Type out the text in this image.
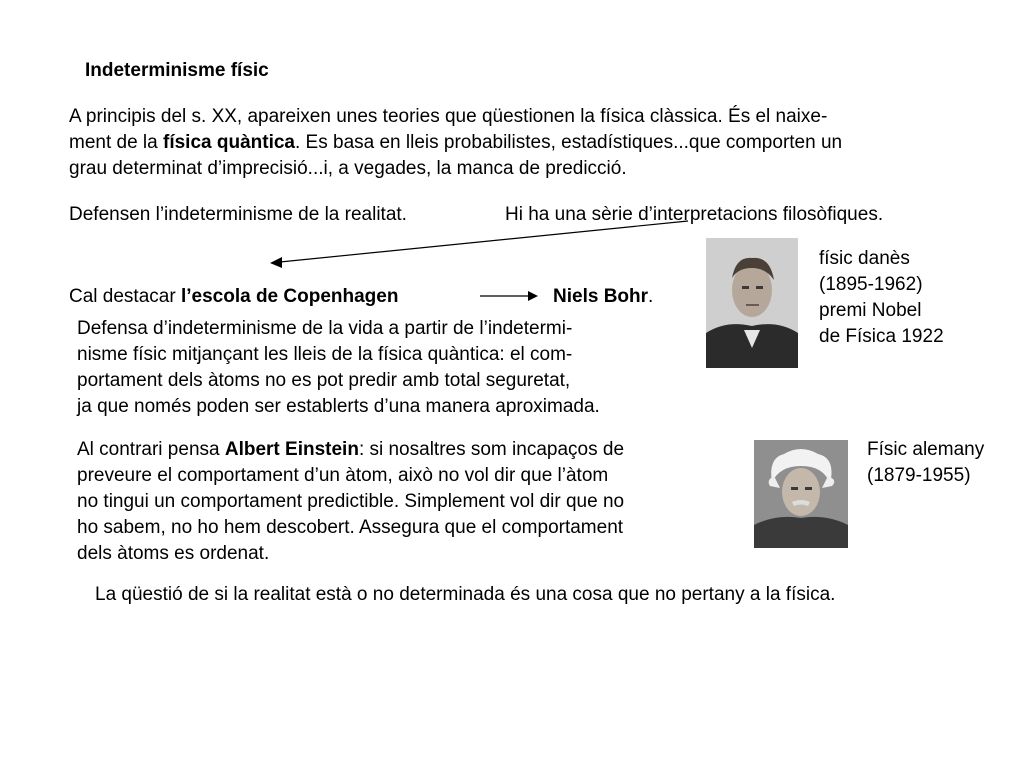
Indeterminisme físic
A principis del s. XX, apareixen unes teories que qüestionen la física clàssica. És el naixe-
ment de la física quàntica. Es basa en lleis probabilistes, estadístiques...que comporten un
grau determinat d’imprecisió...i, a vegades, la manca de predicció.
Defensen l’indeterminisme de la realitat.	Hi ha una sèrie d’interpretacions filosòfiques.
Cal destacar l’escola de Copenhagen	Niels Bohr.
físic danès
(1895-1962)
premi Nobel
de Física 1922
Defensa d’indeterminisme de la vida a partir de l’indetermi-
nisme físic mitjançant les lleis de la física quàntica: el com-
portament dels àtoms no es pot predir amb total seguretat,
ja que només poden ser establerts d’una manera aproximada.
Al contrari pensa Albert Einstein: si nosaltres som incapaços de
preveure el comportament d’un àtom, això no vol dir que l’àtom
no tingui un comportament predictible. Simplement vol dir que no
ho sabem, no ho hem descobert. Assegura que el comportament
dels àtoms es ordenat.
Físic alemany
(1879-1955)
La qüestió de si la realitat està o no determinada és una cosa que no pertany a la física.
